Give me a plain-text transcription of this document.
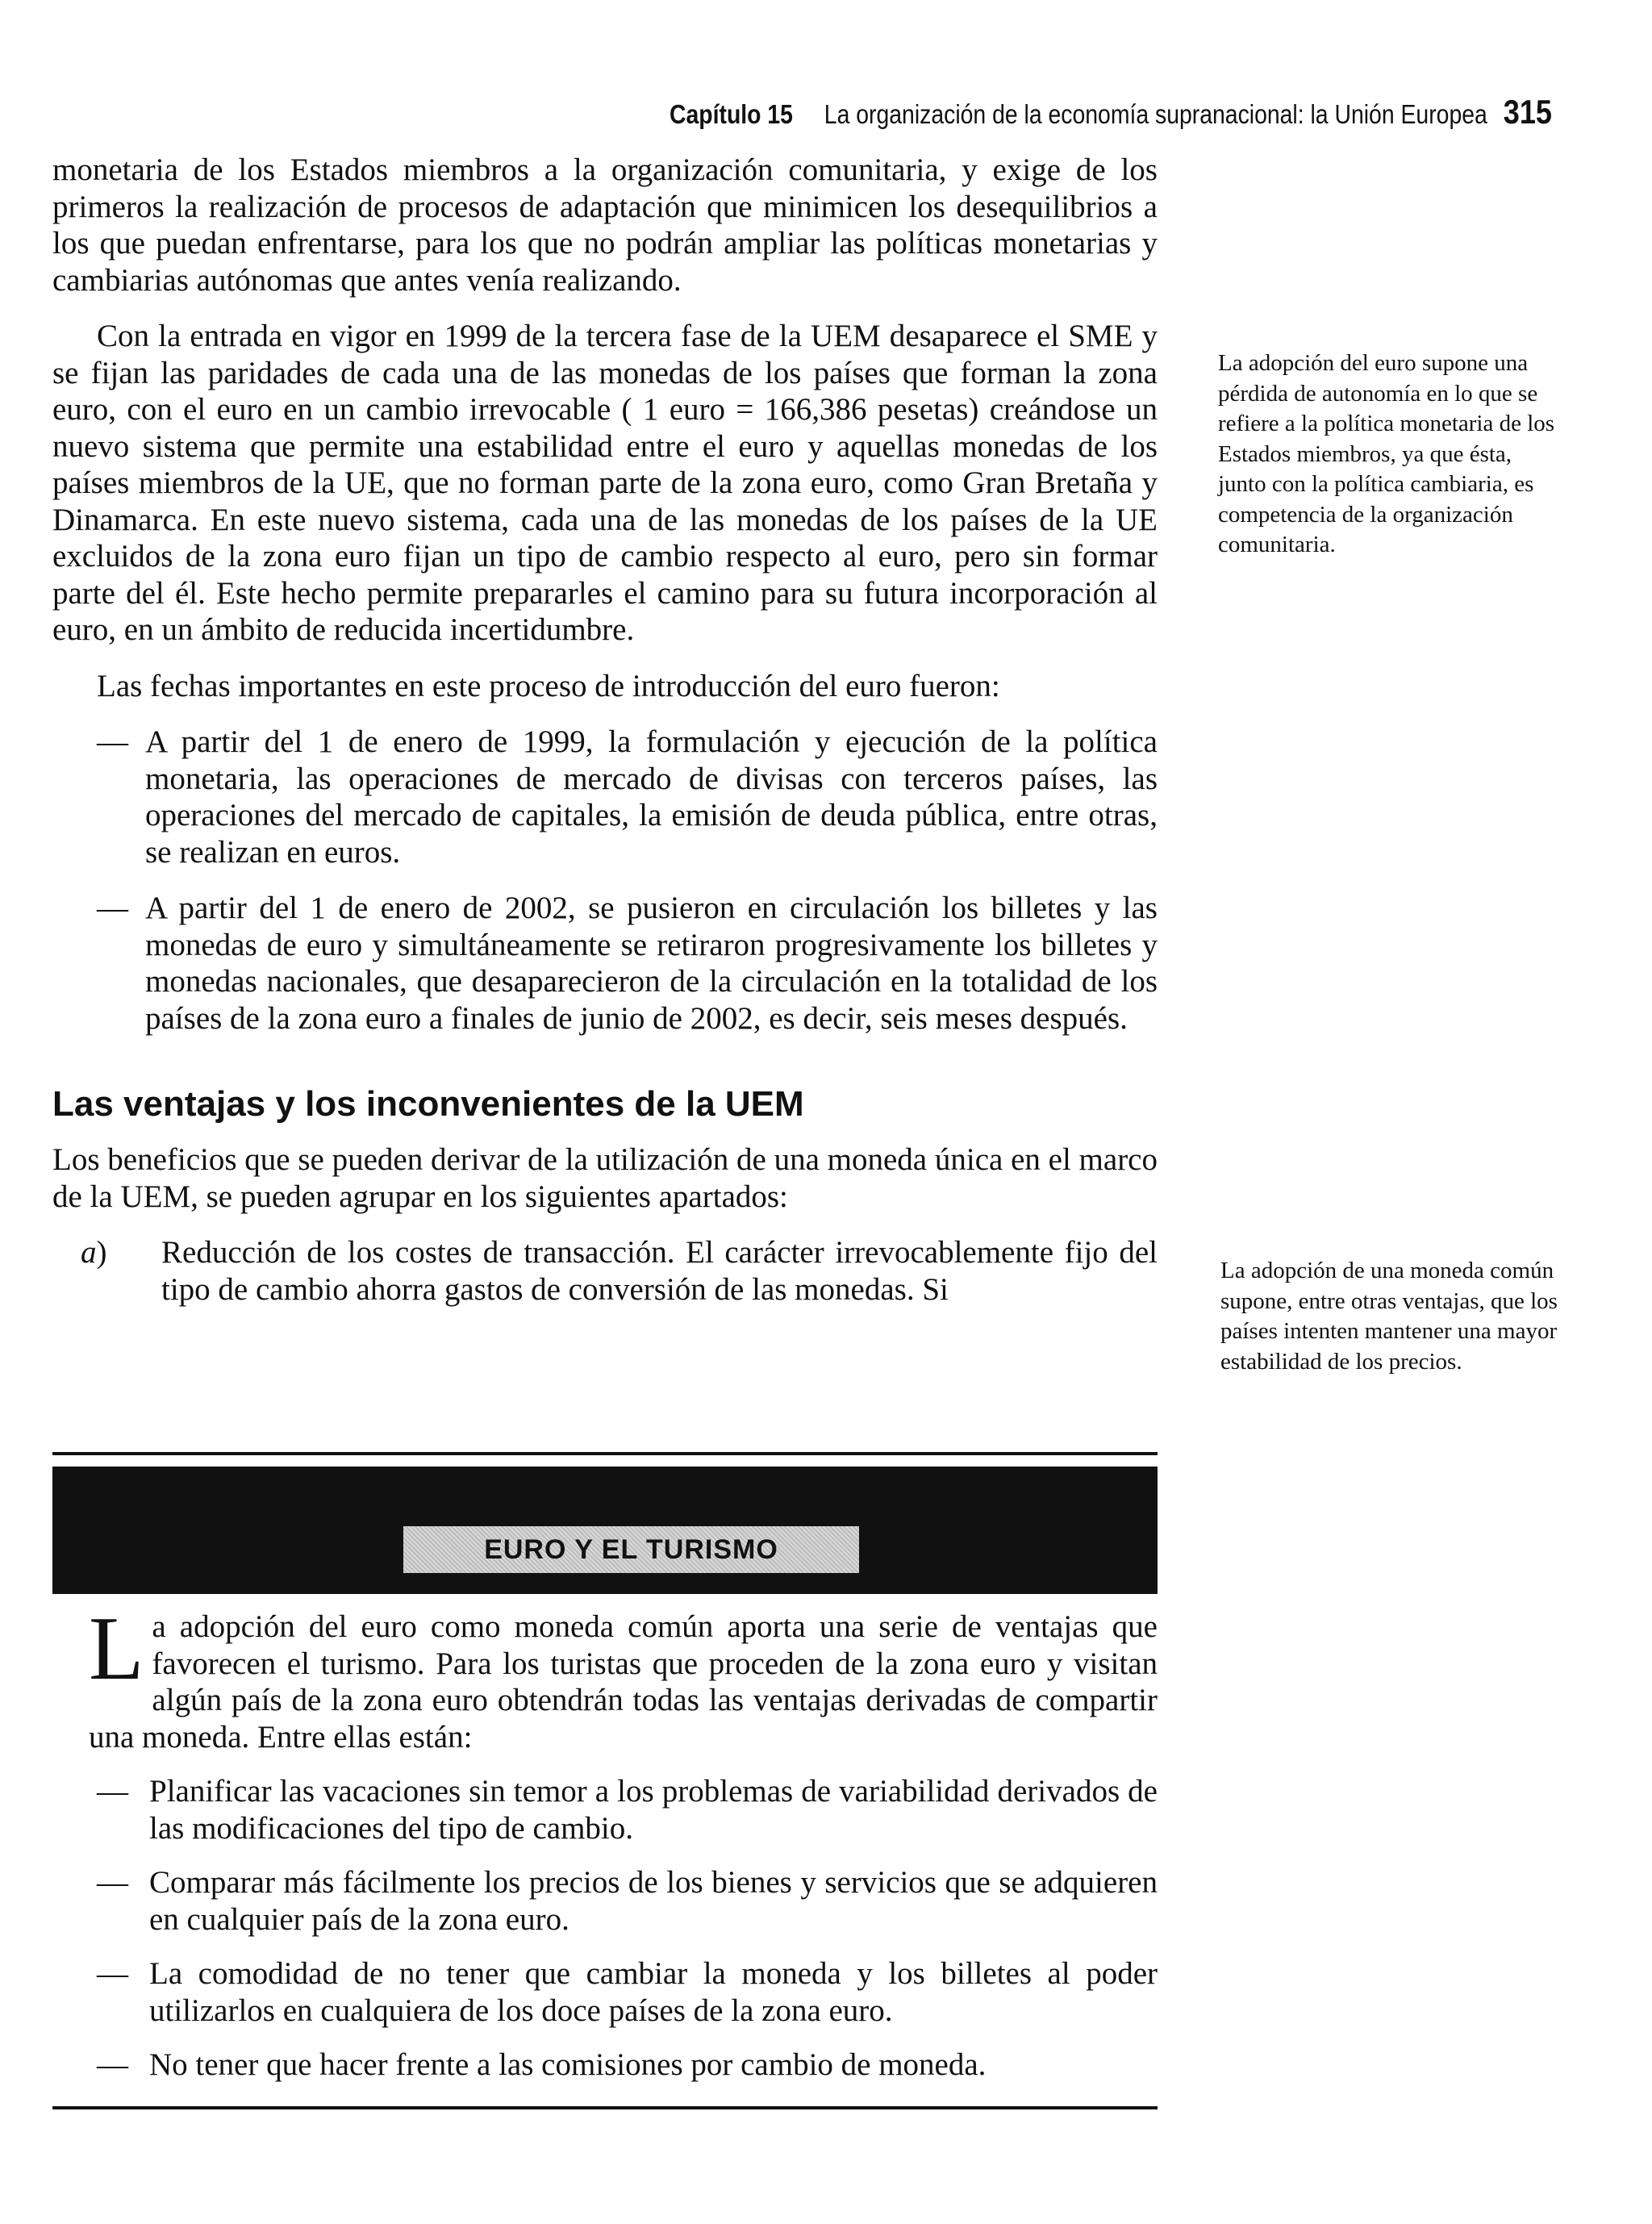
Capítulo 15 La organización de la economía supranacional: la Unión Europea 315

monetaria de los Estados miembros a la organización comunitaria, y exige de los primeros la realización de procesos de adaptación que minimicen los desequilibrios a los que puedan enfrentarse, para los que no podrán ampliar las políticas monetarias y cambiarias autónomas que antes venía realizando.

Con la entrada en vigor en 1999 de la tercera fase de la UEM desaparece el SME y se fijan las paridades de cada una de las monedas de los países que forman la zona euro, con el euro en un cambio irrevocable ( 1 euro = 166,386 pesetas) creándose un nuevo sistema que permite una estabilidad entre el euro y aquellas monedas de los países miembros de la UE, que no forman parte de la zona euro, como Gran Bretaña y Dinamarca. En este nuevo sistema, cada una de las monedas de los países de la UE excluidos de la zona euro fijan un tipo de cambio respecto al euro, pero sin formar parte del él. Este hecho permite prepararles el camino para su futura incorporación al euro, en un ámbito de reducida incertidumbre.

Las fechas importantes en este proceso de introducción del euro fueron:

— A partir del 1 de enero de 1999, la formulación y ejecución de la política monetaria, las operaciones de mercado de divisas con terceros países, las operaciones del mercado de capitales, la emisión de deuda pública, entre otras, se realizan en euros.

— A partir del 1 de enero de 2002, se pusieron en circulación los billetes y las monedas de euro y simultáneamente se retiraron progresivamente los billetes y monedas nacionales, que desaparecieron de la circulación en la totalidad de los países de la zona euro a finales de junio de 2002, es decir, seis meses después.

Las ventajas y los inconvenientes de la UEM

Los beneficios que se pueden derivar de la utilización de una moneda única en el marco de la UEM, se pueden agrupar en los siguientes apartados:

a) Reducción de los costes de transacción. El carácter irrevocablemente fijo del tipo de cambio ahorra gastos de conversión de las monedas. Si

La adopción del euro supone una pérdida de autonomía en lo que se refiere a la política monetaria de los Estados miembros, ya que ésta, junto con la política cambiaria, es competencia de la organización comunitaria.

La adopción de una moneda común supone, entre otras ventajas, que los países intenten mantener una mayor estabilidad de los precios.

EURO Y EL TURISMO

La adopción del euro como moneda común aporta una serie de ventajas que favorecen el turismo. Para los turistas que proceden de la zona euro y visitan algún país de la zona euro obtendrán todas las ventajas derivadas de compartir una moneda. Entre ellas están:

— Planificar las vacaciones sin temor a los problemas de variabilidad derivados de las modificaciones del tipo de cambio.

— Comparar más fácilmente los precios de los bienes y servicios que se adquieren en cualquier país de la zona euro.

— La comodidad de no tener que cambiar la moneda y los billetes al poder utilizarlos en cualquiera de los doce países de la zona euro.

— No tener que hacer frente a las comisiones por cambio de moneda.
